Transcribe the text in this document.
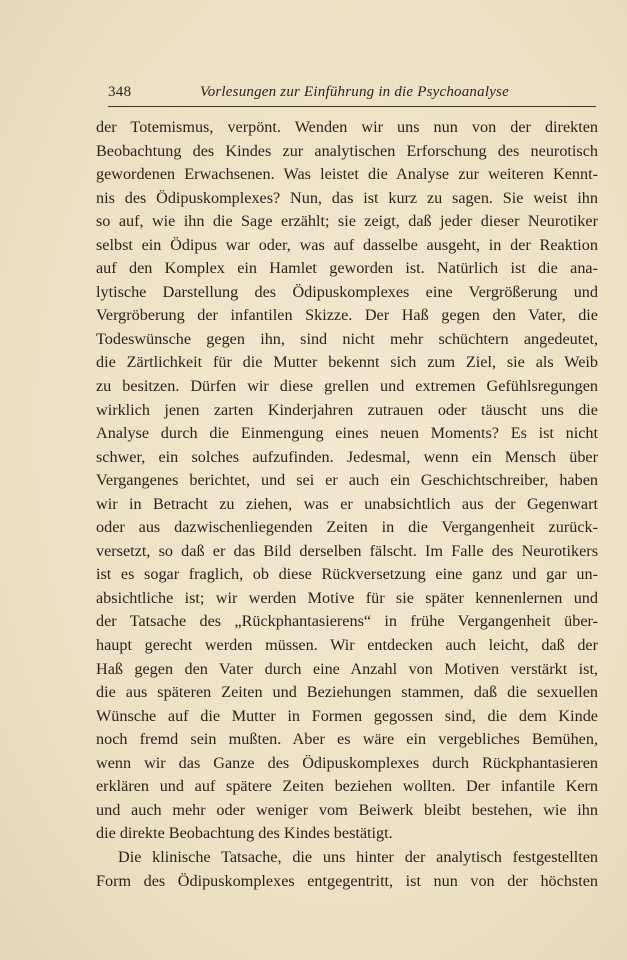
348	Vorlesungen zur Einführung in die Psychoanalyse
der Totemismus, verpönt. Wenden wir uns nun von der direkten
Beobachtung des Kindes zur analytischen Erforschung des neurotisch
gewordenen Erwachsenen. Was leistet die Analyse zur weiteren Kennt-
nis des Ödipuskomplexes? Nun, das ist kurz zu sagen. Sie weist ihn
so auf, wie ihn die Sage erzählt; sie zeigt, daß jeder dieser Neurotiker
selbst ein Ödipus war oder, was auf dasselbe ausgeht, in der Reaktion
auf den Komplex ein Hamlet geworden ist. Natürlich ist die ana-
lytische Darstellung des Ödipuskomplexes eine Vergrößerung und
Vergröberung der infantilen Skizze. Der Haß gegen den Vater, die
Todeswünsche gegen ihn, sind nicht mehr schüchtern angedeutet,
die Zärtlichkeit für die Mutter bekennt sich zum Ziel, sie als Weib
zu besitzen. Dürfen wir diese grellen und extremen Gefühlsregungen
wirklich jenen zarten Kinderjahren zutrauen oder täuscht uns die
Analyse durch die Einmengung eines neuen Moments? Es ist nicht
schwer, ein solches aufzufinden. Jedesmal, wenn ein Mensch über
Vergangenes berichtet, und sei er auch ein Geschichtschreiber, haben
wir in Betracht zu ziehen, was er unabsichtlich aus der Gegenwart
oder aus dazwischenliegenden Zeiten in die Vergangenheit zurück-
versetzt, so daß er das Bild derselben fälscht. Im Falle des Neurotikers
ist es sogar fraglich, ob diese Rückversetzung eine ganz und gar un-
absichtliche ist; wir werden Motive für sie später kennenlernen und
der Tatsache des „Rückphantasierens“ in frühe Vergangenheit über-
haupt gerecht werden müssen. Wir entdecken auch leicht, daß der
Haß gegen den Vater durch eine Anzahl von Motiven verstärkt ist,
die aus späteren Zeiten und Beziehungen stammen, daß die sexuellen
Wünsche auf die Mutter in Formen gegossen sind, die dem Kinde
noch fremd sein mußten. Aber es wäre ein vergebliches Bemühen,
wenn wir das Ganze des Ödipuskomplexes durch Rückphantasieren
erklären und auf spätere Zeiten beziehen wollten. Der infantile Kern
und auch mehr oder weniger vom Beiwerk bleibt bestehen, wie ihn
die direkte Beobachtung des Kindes bestätigt.
Die klinische Tatsache, die uns hinter der analytisch festgestellten
Form des Ödipuskomplexes entgegentritt, ist nun von der höchsten
